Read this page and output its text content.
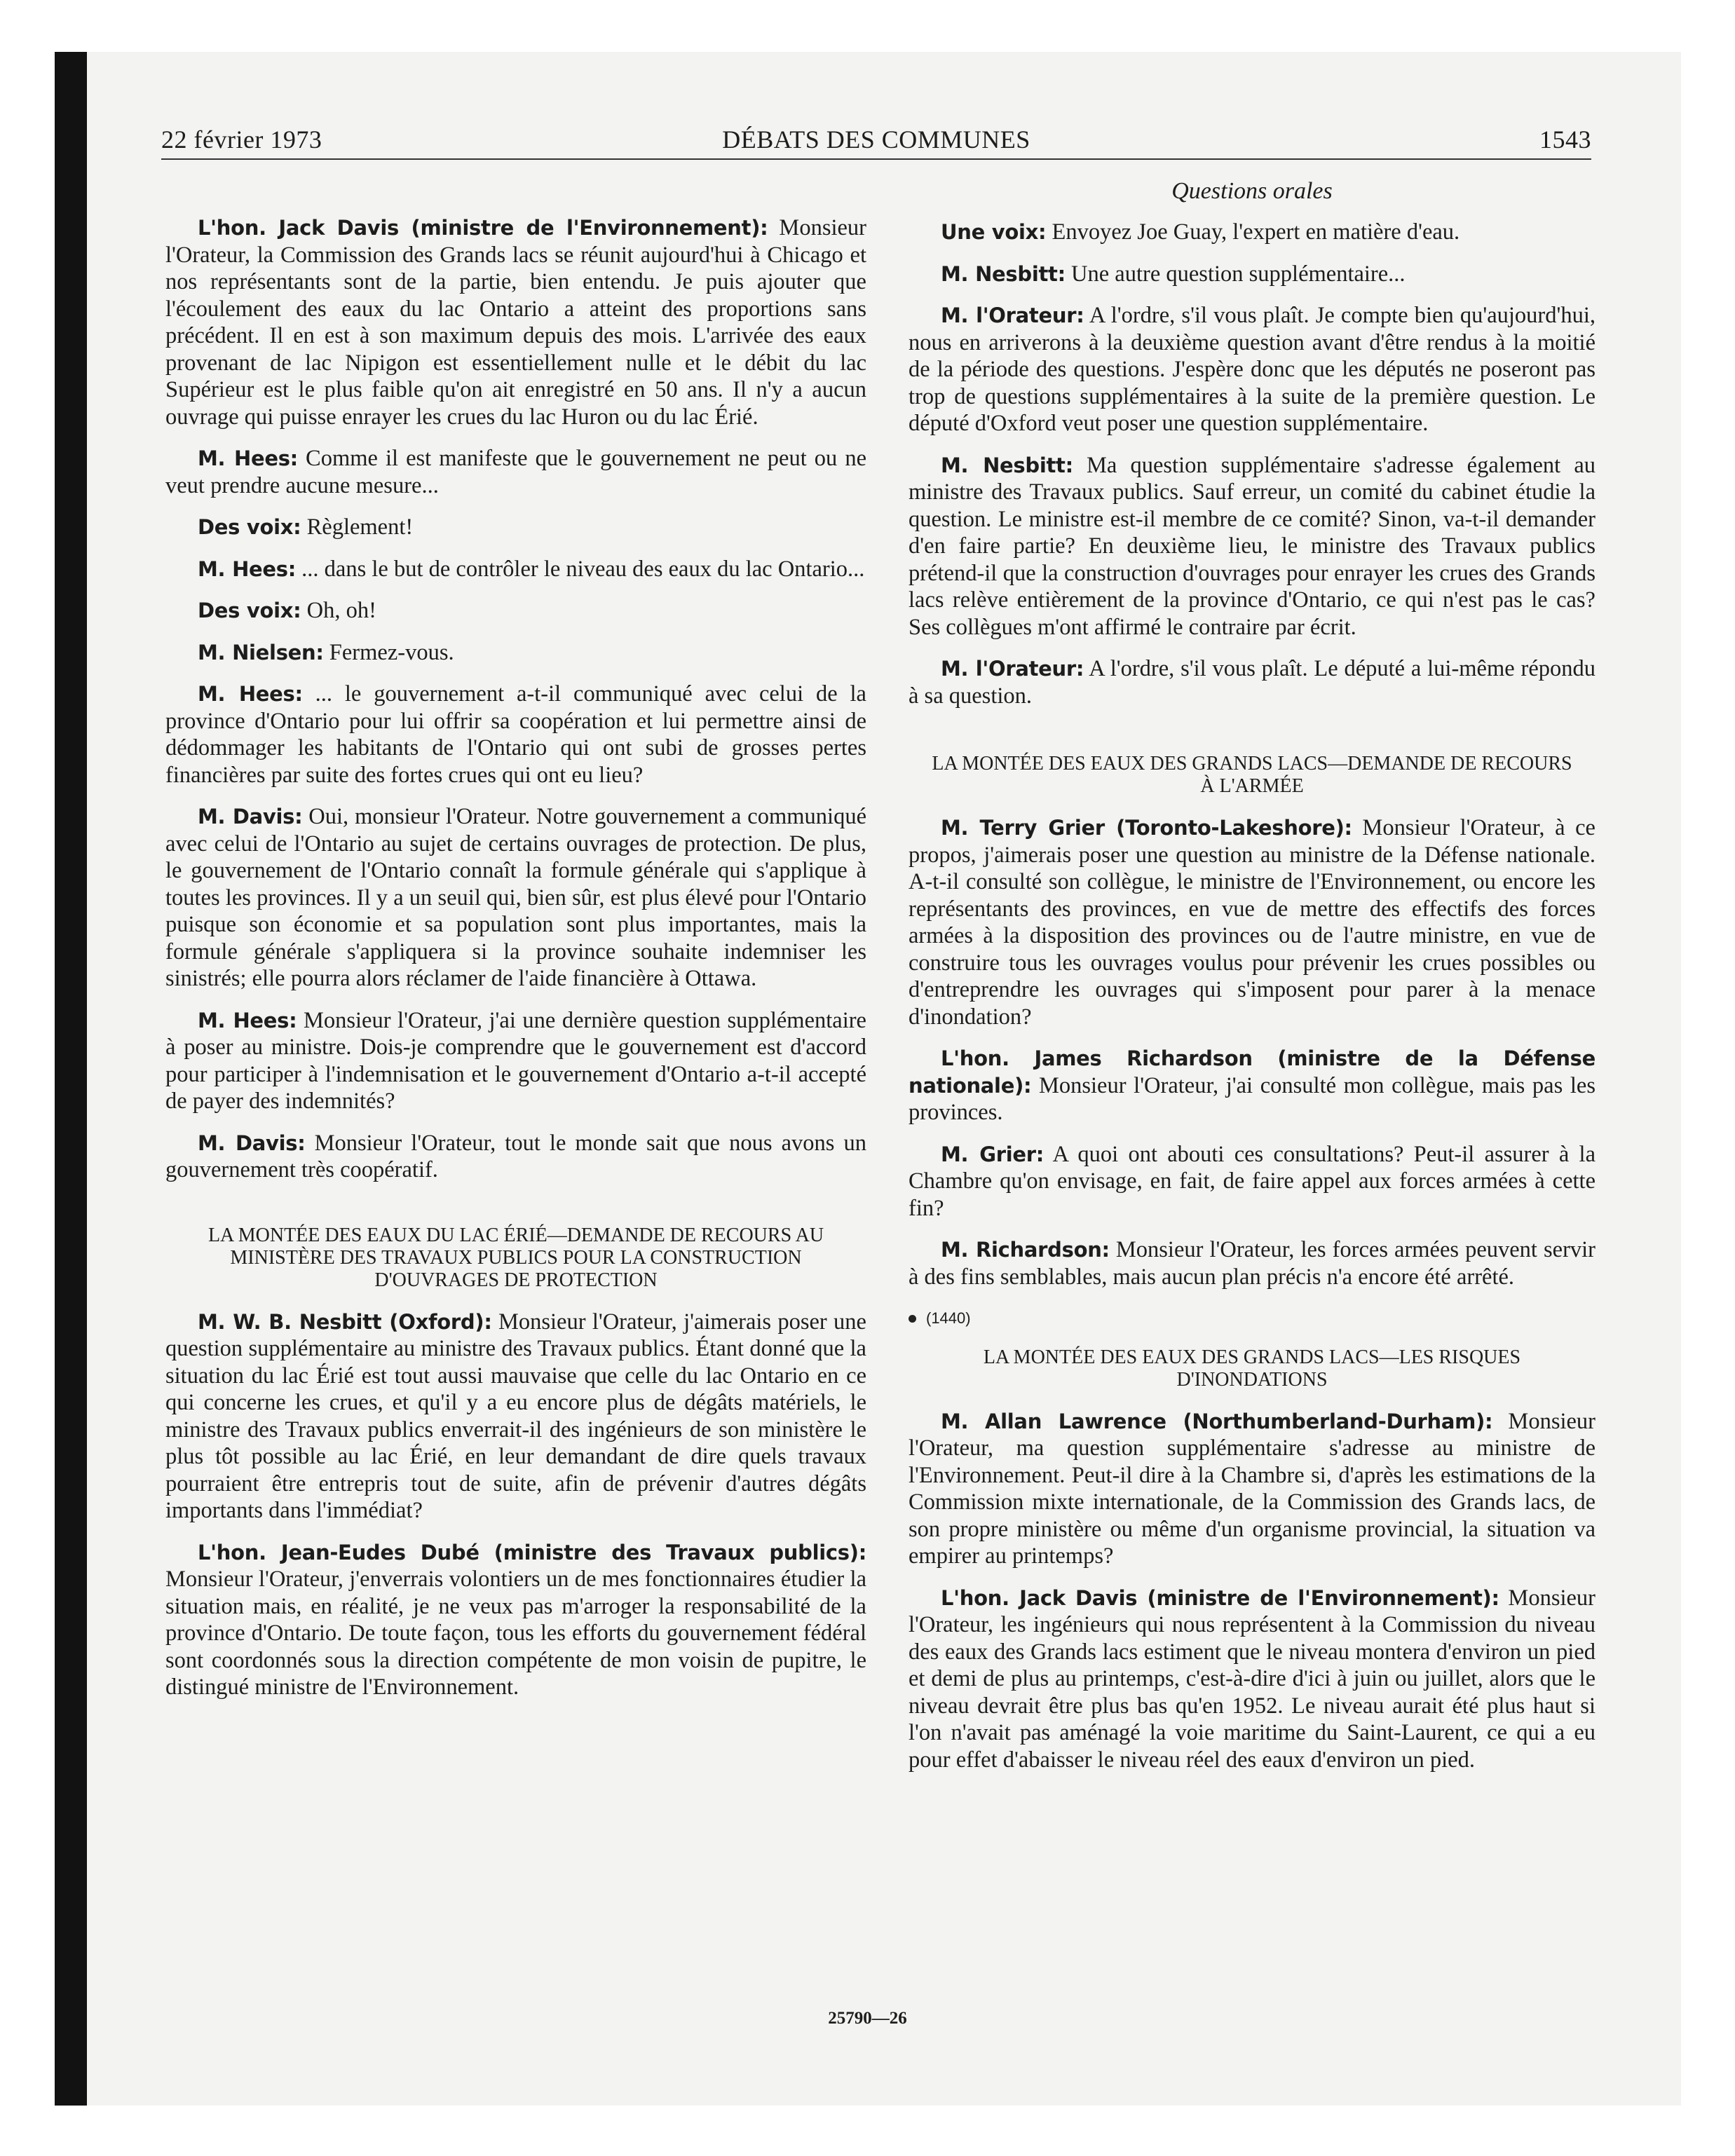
22 février 1973	DÉBATS DES COMMUNES	1543
Questions orales

L'hon. Jack Davis (ministre de l'Environnement): Monsieur l'Orateur, la Commission des Grands lacs se réunit aujourd'hui à Chicago et nos représentants sont de la partie, bien entendu. Je puis ajouter que l'écoulement des eaux du lac Ontario a atteint des proportions sans précédent. Il en est à son maximum depuis des mois. L'arrivée des eaux provenant de lac Nipigon est essentiellement nulle et le débit du lac Supérieur est le plus faible qu'on ait enregistré en 50 ans. Il n'y a aucun ouvrage qui puisse enrayer les crues du lac Huron ou du lac Érié.

M. Hees: Comme il est manifeste que le gouvernement ne peut ou ne veut prendre aucune mesure...

Des voix: Règlement!

M. Hees: ... dans le but de contrôler le niveau des eaux du lac Ontario...

Des voix: Oh, oh!

M. Nielsen: Fermez-vous.

M. Hees: ... le gouvernement a-t-il communiqué avec celui de la province d'Ontario pour lui offrir sa coopération et lui permettre ainsi de dédommager les habitants de l'Ontario qui ont subi de grosses pertes financières par suite des fortes crues qui ont eu lieu?

M. Davis: Oui, monsieur l'Orateur. Notre gouvernement a communiqué avec celui de l'Ontario au sujet de certains ouvrages de protection. De plus, le gouvernement de l'Ontario connaît la formule générale qui s'applique à toutes les provinces. Il y a un seuil qui, bien sûr, est plus élevé pour l'Ontario puisque son économie et sa population sont plus importantes, mais la formule générale s'appliquera si la province souhaite indemniser les sinistrés; elle pourra alors réclamer de l'aide financière à Ottawa.

M. Hees: Monsieur l'Orateur, j'ai une dernière question supplémentaire à poser au ministre. Dois-je comprendre que le gouvernement est d'accord pour participer à l'indemnisation et le gouvernement d'Ontario a-t-il accepté de payer des indemnités?

M. Davis: Monsieur l'Orateur, tout le monde sait que nous avons un gouvernement très coopératif.

LA MONTÉE DES EAUX DU LAC ÉRIÉ—DEMANDE DE RECOURS AU MINISTÈRE DES TRAVAUX PUBLICS POUR LA CONSTRUCTION D'OUVRAGES DE PROTECTION

M. W. B. Nesbitt (Oxford): Monsieur l'Orateur, j'aimerais poser une question supplémentaire au ministre des Travaux publics. Étant donné que la situation du lac Érié est tout aussi mauvaise que celle du lac Ontario en ce qui concerne les crues, et qu'il y a eu encore plus de dégâts matériels, le ministre des Travaux publics enverrait-il des ingénieurs de son ministère le plus tôt possible au lac Érié, en leur demandant de dire quels travaux pourraient être entrepris tout de suite, afin de prévenir d'autres dégâts importants dans l'immédiat?

L'hon. Jean-Eudes Dubé (ministre des Travaux publics): Monsieur l'Orateur, j'enverrais volontiers un de mes fonctionnaires étudier la situation mais, en réalité, je ne veux pas m'arroger la responsabilité de la province d'Ontario. De toute façon, tous les efforts du gouvernement fédéral sont coordonnés sous la direction compétente de mon voisin de pupitre, le distingué ministre de l'Environnement.

Une voix: Envoyez Joe Guay, l'expert en matière d'eau.

M. Nesbitt: Une autre question supplémentaire...

M. l'Orateur: A l'ordre, s'il vous plaît. Je compte bien qu'aujourd'hui, nous en arriverons à la deuxième question avant d'être rendus à la moitié de la période des questions. J'espère donc que les députés ne poseront pas trop de questions supplémentaires à la suite de la première question. Le député d'Oxford veut poser une question supplémentaire.

M. Nesbitt: Ma question supplémentaire s'adresse également au ministre des Travaux publics. Sauf erreur, un comité du cabinet étudie la question. Le ministre est-il membre de ce comité? Sinon, va-t-il demander d'en faire partie? En deuxième lieu, le ministre des Travaux publics prétend-il que la construction d'ouvrages pour enrayer les crues des Grands lacs relève entièrement de la province d'Ontario, ce qui n'est pas le cas? Ses collègues m'ont affirmé le contraire par écrit.

M. l'Orateur: A l'ordre, s'il vous plaît. Le député a lui-même répondu à sa question.

LA MONTÉE DES EAUX DES GRANDS LACS—DEMANDE DE RECOURS À L'ARMÉE

M. Terry Grier (Toronto-Lakeshore): Monsieur l'Orateur, à ce propos, j'aimerais poser une question au ministre de la Défense nationale. A-t-il consulté son collègue, le ministre de l'Environnement, ou encore les représentants des provinces, en vue de mettre des effectifs des forces armées à la disposition des provinces ou de l'autre ministre, en vue de construire tous les ouvrages voulus pour prévenir les crues possibles ou d'entreprendre les ouvrages qui s'imposent pour parer à la menace d'inondation?

L'hon. James Richardson (ministre de la Défense nationale): Monsieur l'Orateur, j'ai consulté mon collègue, mais pas les provinces.

M. Grier: A quoi ont abouti ces consultations? Peut-il assurer à la Chambre qu'on envisage, en fait, de faire appel aux forces armées à cette fin?

M. Richardson: Monsieur l'Orateur, les forces armées peuvent servir à des fins semblables, mais aucun plan précis n'a encore été arrêté.

(1440)
LA MONTÉE DES EAUX DES GRANDS LACS—LES RISQUES D'INONDATIONS

M. Allan Lawrence (Northumberland-Durham): Monsieur l'Orateur, ma question supplémentaire s'adresse au ministre de l'Environnement. Peut-il dire à la Chambre si, d'après les estimations de la Commission mixte internationale, de la Commission des Grands lacs, de son propre ministère ou même d'un organisme provincial, la situation va empirer au printemps?

L'hon. Jack Davis (ministre de l'Environnement): Monsieur l'Orateur, les ingénieurs qui nous représentent à la Commission du niveau des eaux des Grands lacs estiment que le niveau montera d'environ un pied et demi de plus au printemps, c'est-à-dire d'ici à juin ou juillet, alors que le niveau devrait être plus bas qu'en 1952. Le niveau aurait été plus haut si l'on n'avait pas aménagé la voie maritime du Saint-Laurent, ce qui a eu pour effet d'abaisser le niveau réel des eaux d'environ un pied.

25790—26
